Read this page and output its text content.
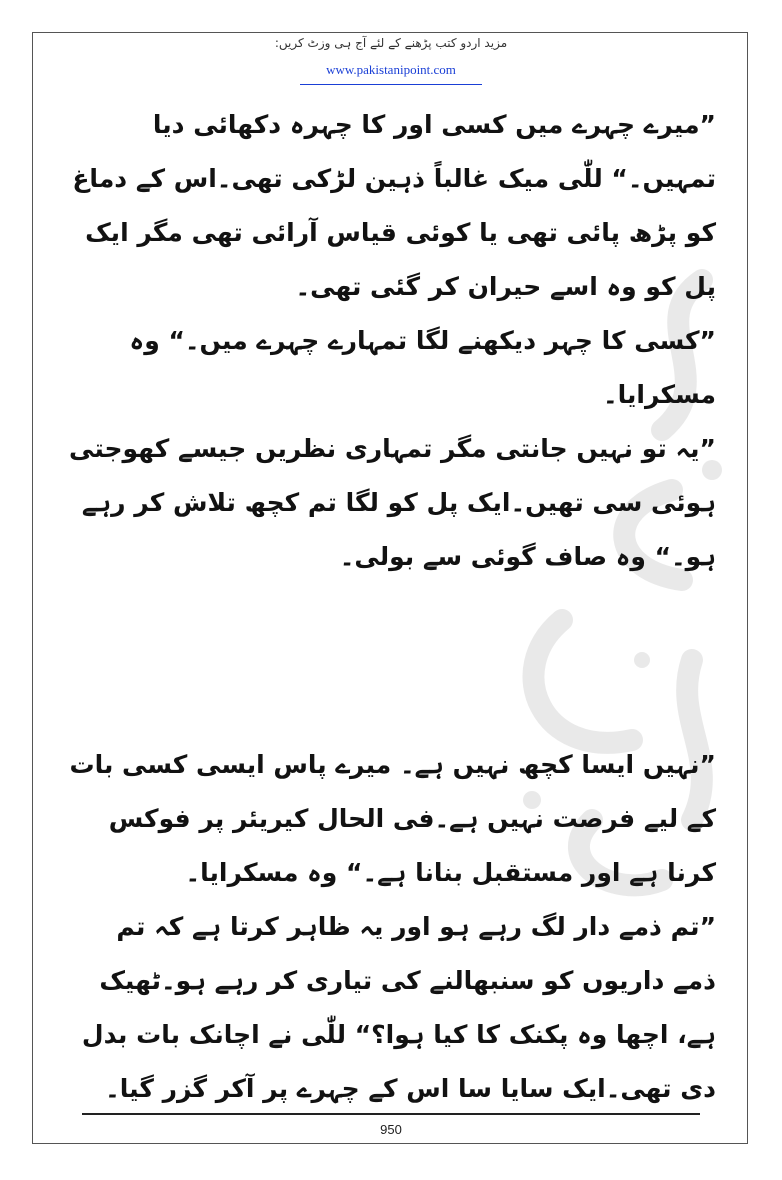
مزید اردو کتب پڑھنے کے لئے آج ہی وزٹ کریں:
www.pakistanipoint.com

”میرے چہرے میں کسی اور کا چہرہ دکھائی دیا تمہیں۔“ للّٰی میک غالباً ذہین لڑکی تھی۔اس کے دماغ کو پڑھ پائی تھی یا کوئی قیاس آرائی تھی مگر ایک پل کو وہ اسے حیران کر گئی تھی۔

”کسی کا چہر دیکھنے لگا تمہارے چہرے میں۔“ وہ مسکرایا۔

”یہ تو نہیں جانتی مگر تمہاری نظریں جیسے کھوجتی ہوئی سی تھیں۔ایک پل کو لگا تم کچھ تلاش کر رہے ہو۔“ وہ صاف گوئی سے بولی۔

”نہیں ایسا کچھ نہیں ہے۔ میرے پاس ایسی کسی بات کے لیے فرصت نہیں ہے۔فی الحال کیریئر پر فوکس کرنا ہے اور مستقبل بنانا ہے۔“ وہ مسکرایا۔

”تم ذمے دار لگ رہے ہو اور یہ ظاہر کرتا ہے کہ تم ذمے داریوں کو سنبھالنے کی تیاری کر رہے ہو۔ٹھیک ہے، اچھا وہ پکنک کا کیا ہوا؟“ للّٰی نے اچانک بات بدل دی تھی۔ایک سایا سا اس کے چہرے پر آکر گزر گیا۔

950
